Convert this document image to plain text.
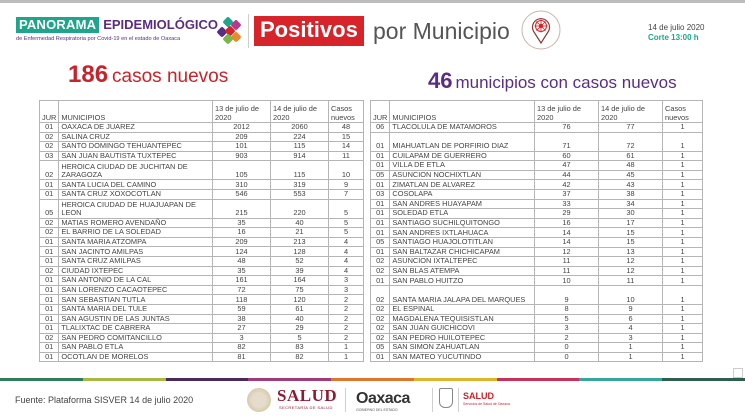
PANORAMA EPIDEMIOLÓGICO
de Enfermedad Respiratoria por Covid-19 en el estado de Oaxaca	Positivos por Municipio	14 de julio 2020
Corte 13:00 h
186 casos nuevos	46 municipios con casos nuevos
JUR	MUNICIPIOS	13 de julio de 2020	14 de julio de 2020	Casos nuevos
01	OAXACA DE JUAREZ	2012	2060	48
02	SALINA CRUZ	209	224	15
02	SANTO DOMINGO TEHUANTEPEC	101	115	14
03	SAN JUAN BAUTISTA TUXTEPEC	903	914	11
02	HEROICA CIUDAD DE JUCHITAN DE ZARAGOZA	105	115	10
01	SANTA LUCIA DEL CAMINO	310	319	9
01	SANTA CRUZ XOXOCOTLAN	546	553	7
05	HEROICA CIUDAD DE HUAJUAPAN DE LEON	215	220	5
02	MATIAS ROMERO AVENDAÑO	35	40	5
02	EL BARRIO DE LA SOLEDAD	16	21	5
01	SANTA MARIA ATZOMPA	209	213	4
01	SAN JACINTO AMILPAS	124	128	4
01	SANTA CRUZ AMILPAS	48	52	4
02	CIUDAD IXTEPEC	35	39	4
01	SAN ANTONIO DE LA CAL	161	164	3
01	SAN LORENZO CACAOTEPEC	72	75	3
01	SAN SEBASTIAN TUTLA	118	120	2
01	SANTA MARIA DEL TULE	59	61	2
01	SAN AGUSTIN DE LAS JUNTAS	38	40	2
01	TLALIXTAC DE CABRERA	27	29	2
02	SAN PEDRO COMITANCILLO	3	5	2
01	SAN PABLO ETLA	82	83	1
01	OCOTLAN DE MORELOS	81	82	1
JUR	MUNICIPIOS	13 de julio de 2020	14 de julio de 2020	Casos nuevos
06	TLACOLULA DE MATAMOROS	76	77	1
01	MIAHUATLAN DE PORFIRIO DIAZ	71	72	1
01	CUILAPAM DE GUERRERO	60	61	1
01	VILLA DE ETLA	47	48	1
05	ASUNCION NOCHIXTLAN	44	45	1
01	ZIMATLAN DE ALVAREZ	42	43	1
03	COSOLAPA	37	38	1
01	SAN ANDRES HUAYAPAM	33	34	1
01	SOLEDAD ETLA	29	30	1
01	SANTIAGO SUCHILQUITONGO	16	17	1
01	SAN ANDRES IXTLAHUACA	14	15	1
05	SANTIAGO HUAJOLOTITLAN	14	15	1
01	SAN BALTAZAR CHICHICAPAM	12	13	1
02	ASUNCION IXTALTEPEC	11	12	1
02	SAN BLAS ATEMPA	11	12	1
01	SAN PABLO HUITZO	10	11	1
02	SANTA MARIA JALAPA DEL MARQUES	9	10	1
02	EL ESPINAL	8	9	1
02	MAGDALENA TEQUISISTLAN	5	6	1
02	SAN JUAN GUICHICOVI	3	4	1
02	SAN PEDRO HUILOTEPEC	2	3	1
05	SAN SIMON ZAHUATLAN	0	1	1
01	SAN MATEO YUCUTINDO	0	1	1
Fuente: Plataforma SISVER 14 de julio 2020	SALUD
SECRETARÍA DE SALUD
Oaxaca
GOBIERNO DEL ESTADO
SALUD
Servicios de Salud de Oaxaca
